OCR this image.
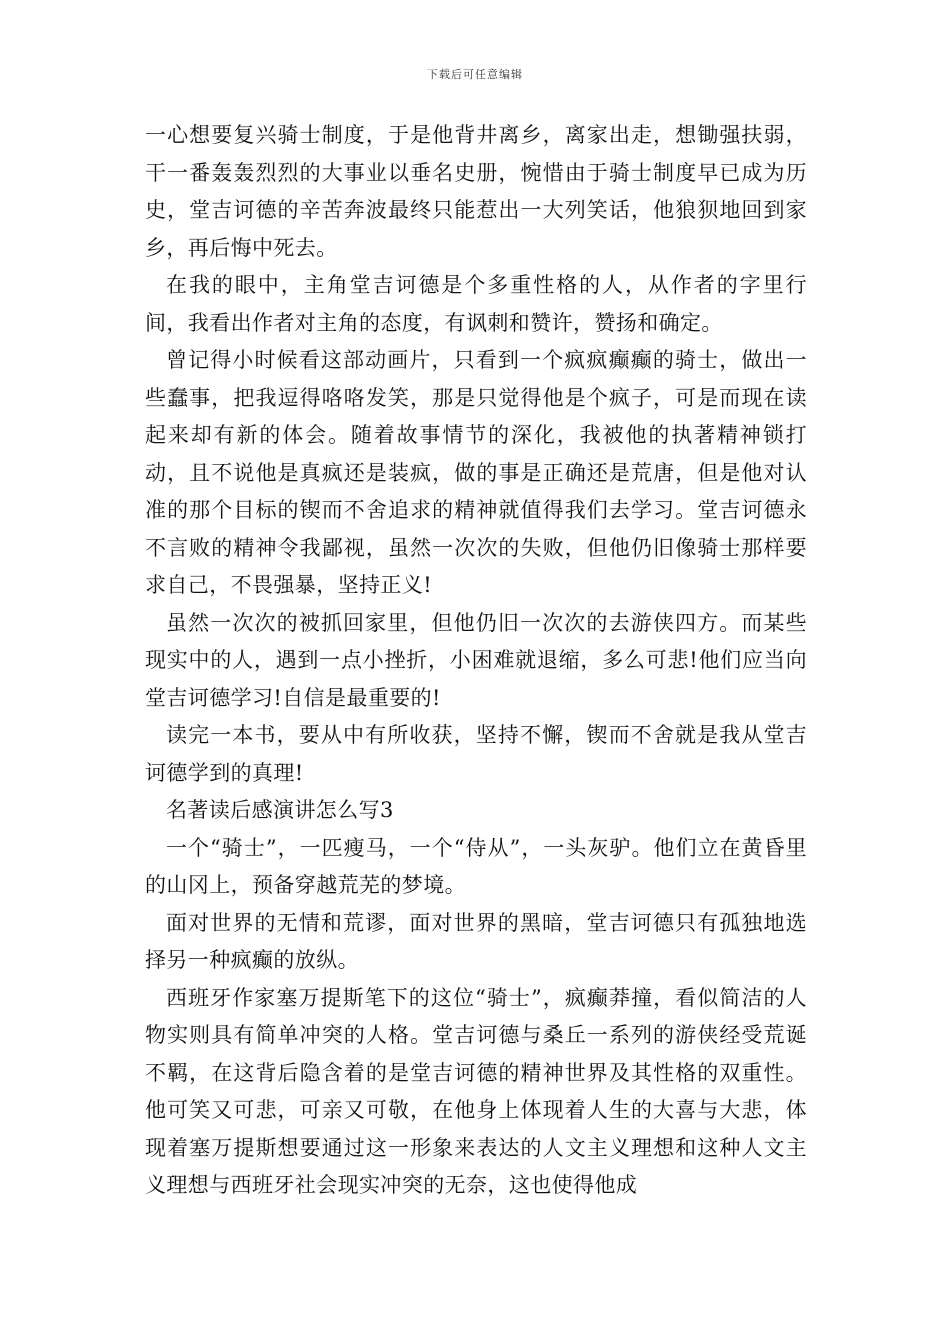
下载后可任意编辑

一心想要复兴骑士制度，于是他背井离乡，离家出走，想锄强扶弱，干一番轰轰烈烈的大事业以垂名史册，惋惜由于骑士制度早已成为历史，堂吉诃德的辛苦奔波最终只能惹出一大列笑话，他狼狈地回到家乡，再后悔中死去。

在我的眼中，主角堂吉诃德是个多重性格的人，从作者的字里行间，我看出作者对主角的态度，有讽刺和赞许，赞扬和确定。

曾记得小时候看这部动画片，只看到一个疯疯癫癫的骑士，做出一些蠢事，把我逗得咯咯发笑，那是只觉得他是个疯子，可是而现在读起来却有新的体会。随着故事情节的深化，我被他的执著精神锁打动，且不说他是真疯还是装疯，做的事是正确还是荒唐，但是他对认准的那个目标的锲而不舍追求的精神就值得我们去学习。堂吉诃德永不言败的精神令我鄙视，虽然一次次的失败，但他仍旧像骑士那样要求自己，不畏强暴，坚持正义!

虽然一次次的被抓回家里，但他仍旧一次次的去游侠四方。而某些现实中的人，遇到一点小挫折，小困难就退缩，多么可悲!他们应当向堂吉诃德学习!自信是最重要的!

读完一本书，要从中有所收获，坚持不懈，锲而不舍就是我从堂吉诃德学到的真理!

名著读后感演讲怎么写3

一个“骑士”，一匹瘦马，一个“侍从”，一头灰驴。他们立在黄昏里的山冈上，预备穿越荒芜的梦境。

面对世界的无情和荒谬，面对世界的黑暗，堂吉诃德只有孤独地选择另一种疯癫的放纵。

西班牙作家塞万提斯笔下的这位“骑士”，疯癫莽撞，看似简洁的人物实则具有简单冲突的人格。堂吉诃德与桑丘一系列的游侠经受荒诞不羁，在这背后隐含着的是堂吉诃德的精神世界及其性格的双重性。他可笑又可悲，可亲又可敬，在他身上体现着人生的大喜与大悲，体现着塞万提斯想要通过这一形象来表达的人文主义理想和这种人文主义理想与西班牙社会现实冲突的无奈，这也使得他成
